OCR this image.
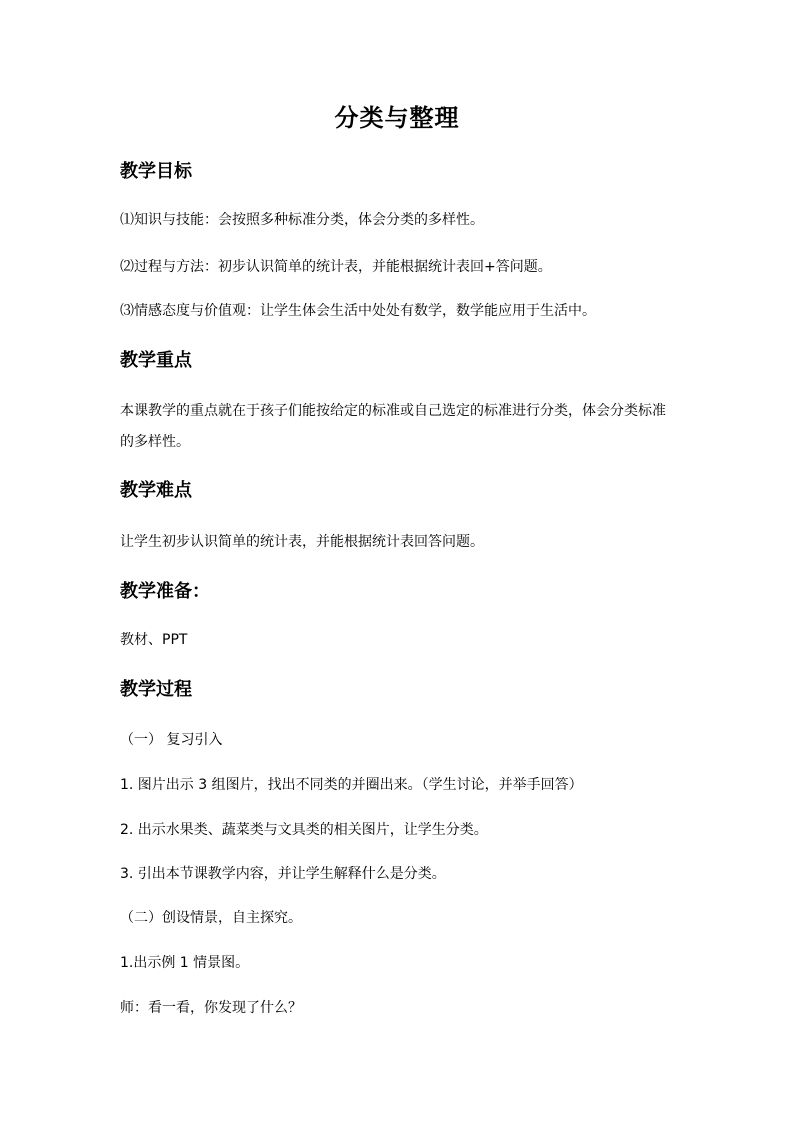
分类与整理
教学目标
⑴知识与技能：会按照多种标准分类，体会分类的多样性。
⑵过程与方法：初步认识简单的统计表，并能根据统计表回+答问题。
⑶情感态度与价值观：让学生体会生活中处处有数学，数学能应用于生活中。
教学重点
本课教学的重点就在于孩子们能按给定的标准或自己选定的标准进行分类，体会分类标准的多样性。
教学难点
让学生初步认识简单的统计表，并能根据统计表回答问题。
教学准备：
教材、PPT
教学过程
（一） 复习引入
1. 图片出示 3 组图片，找出不同类的并圈出来。（学生讨论，并举手回答）
2. 出示水果类、蔬菜类与文具类的相关图片，让学生分类。
3. 引出本节课教学内容，并让学生解释什么是分类。
（二）创设情景，自主探究。
1.出示例 1 情景图。
师：看一看，你发现了什么？
